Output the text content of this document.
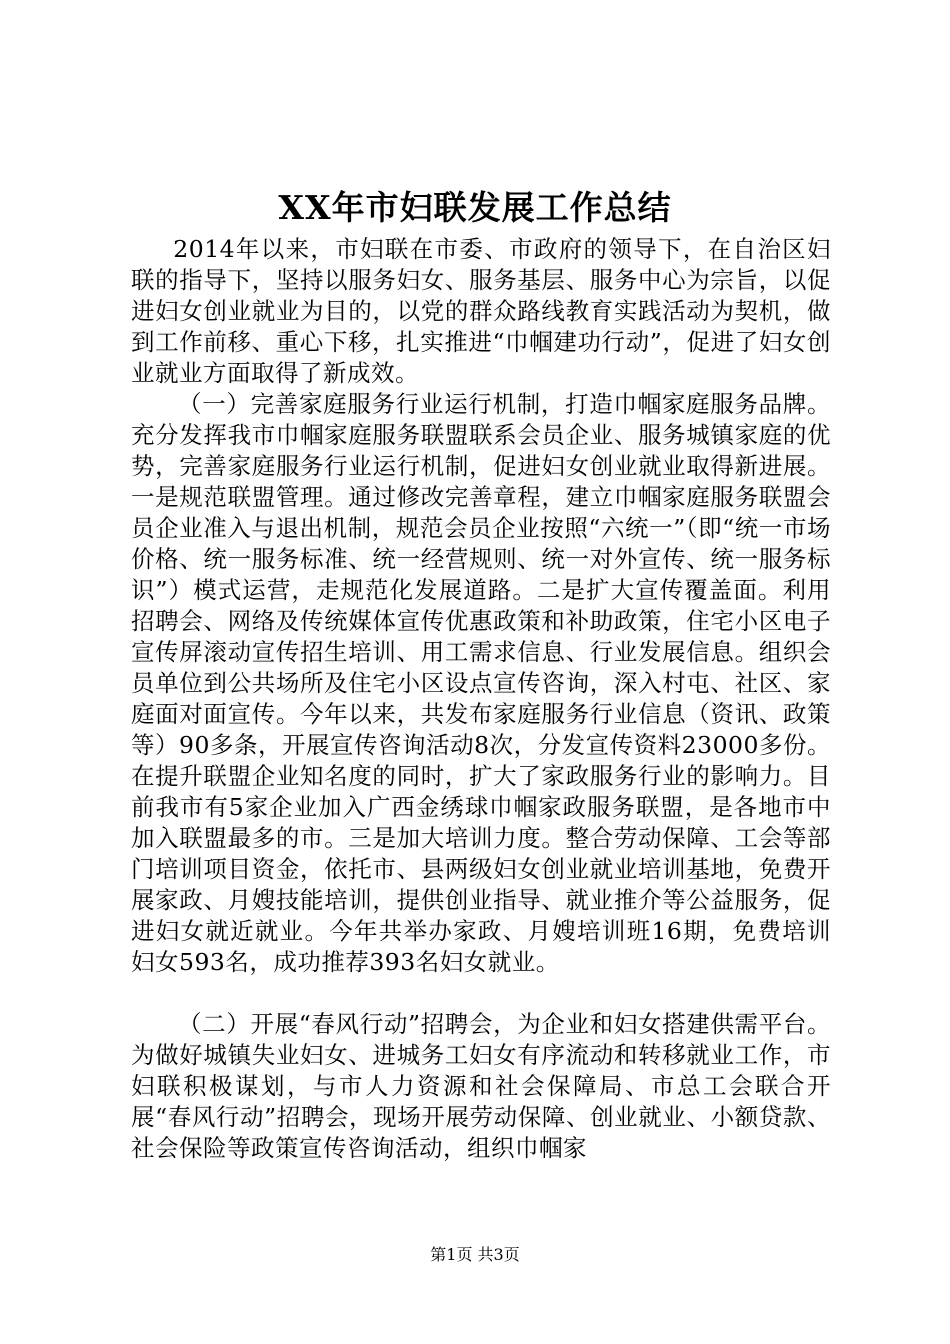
XX年市妇联发展工作总结

2014年以来，市妇联在市委、市政府的领导下，在自治区妇联的指导下，坚持以服务妇女、服务基层、服务中心为宗旨，以促进妇女创业就业为目的，以党的群众路线教育实践活动为契机，做到工作前移、重心下移，扎实推进“巾帼建功行动”，促进了妇女创业就业方面取得了新成效。

（一）完善家庭服务行业运行机制，打造巾帼家庭服务品牌。充分发挥我市巾帼家庭服务联盟联系会员企业、服务城镇家庭的优势，完善家庭服务行业运行机制，促进妇女创业就业取得新进展。一是规范联盟管理。通过修改完善章程，建立巾帼家庭服务联盟会员企业准入与退出机制，规范会员企业按照“六统一”（即“统一市场价格、统一服务标准、统一经营规则、统一对外宣传、统一服务标识”）模式运营，走规范化发展道路。二是扩大宣传覆盖面。利用招聘会、网络及传统媒体宣传优惠政策和补助政策，住宅小区电子宣传屏滚动宣传招生培训、用工需求信息、行业发展信息。组织会员单位到公共场所及住宅小区设点宣传咨询，深入村屯、社区、家庭面对面宣传。今年以来，共发布家庭服务行业信息（资讯、政策等）90多条，开展宣传咨询活动8次，分发宣传资料23000多份。在提升联盟企业知名度的同时，扩大了家政服务行业的影响力。目前我市有5家企业加入广西金绣球巾帼家政服务联盟，是各地市中加入联盟最多的市。三是加大培训力度。整合劳动保障、工会等部门培训项目资金，依托市、县两级妇女创业就业培训基地，免费开展家政、月嫂技能培训，提供创业指导、就业推介等公益服务，促进妇女就近就业。今年共举办家政、月嫂培训班16期，免费培训妇女593名，成功推荐393名妇女就业。

（二）开展“春风行动”招聘会，为企业和妇女搭建供需平台。为做好城镇失业妇女、进城务工妇女有序流动和转移就业工作，市妇联积极谋划，与市人力资源和社会保障局、市总工会联合开展“春风行动”招聘会，现场开展劳动保障、创业就业、小额贷款、社会保险等政策宣传咨询活动，组织巾帼家

第1页 共3页
